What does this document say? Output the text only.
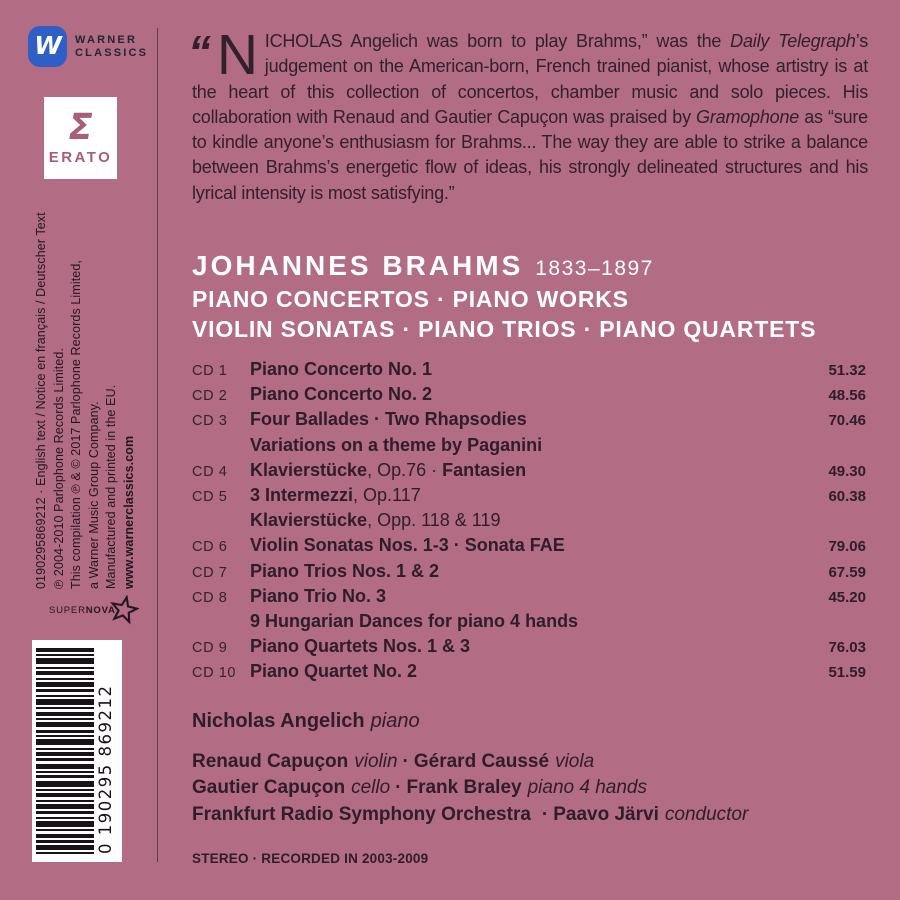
W WARNER
CLASSICS
Σ
ERATO
0190295869212 · English text / Notice en français / Deutscher Text ℗ 2004-2010 Parlophone Records Limited. This compilation ℗ & © 2017 Parlophone Records Limited, a Warner Music Group Company. Manufactured and printed in the EU. www.warnerclassics.com
SUPER NOVA
0 190295 869212
“ N ICHOLAS Angelich was born to play Brahms,” was the Daily Telegraph’s judgement on the American-born, French trained pianist, whose artistry is at the heart of this collection of concertos, chamber music and solo pieces. His collaboration with Renaud and Gautier Capuçon was praised by Gramophone as “sure to kindle anyone’s enthusiasm for Brahms... The way they are able to strike a balance between Brahms’s energetic flow of ideas, his strongly delineated structures and his lyrical intensity is most satisfying.”
JOHANNES BRAHMS 1833–1897
PIANO CONCERTOS · PIANO WORKS
VIOLIN SONATAS · PIANO TRIOS · PIANO QUARTETS
CD 1	Piano Concerto No. 1	51.32
CD 2	Piano Concerto No. 2	48.56
CD 3	Four Ballades · Two Rhapsodies	70.46
Variations on a theme by Paganini
CD 4	Klavierstücke, Op.76 · Fantasien	49.30
CD 5	3 Intermezzi, Op.117	60.38
Klavierstücke, Opp. 118 & 119
CD 6	Violin Sonatas Nos. 1-3 · Sonata FAE	79.06
CD 7	Piano Trios Nos. 1 & 2	67.59
CD 8	Piano Trio No. 3	45.20
9 Hungarian Dances for piano 4 hands
CD 9	Piano Quartets Nos. 1 & 3	76.03
CD 10 Piano Quartet No. 2	51.59
Nicholas Angelich piano
Renaud Capuçon violin · Gérard Caussé viola
Gautier Capuçon cello · Frank Braley piano 4 hands
Frankfurt Radio Symphony Orchestra · Paavo Järvi conductor
STEREO · RECORDED IN 2003-2009
